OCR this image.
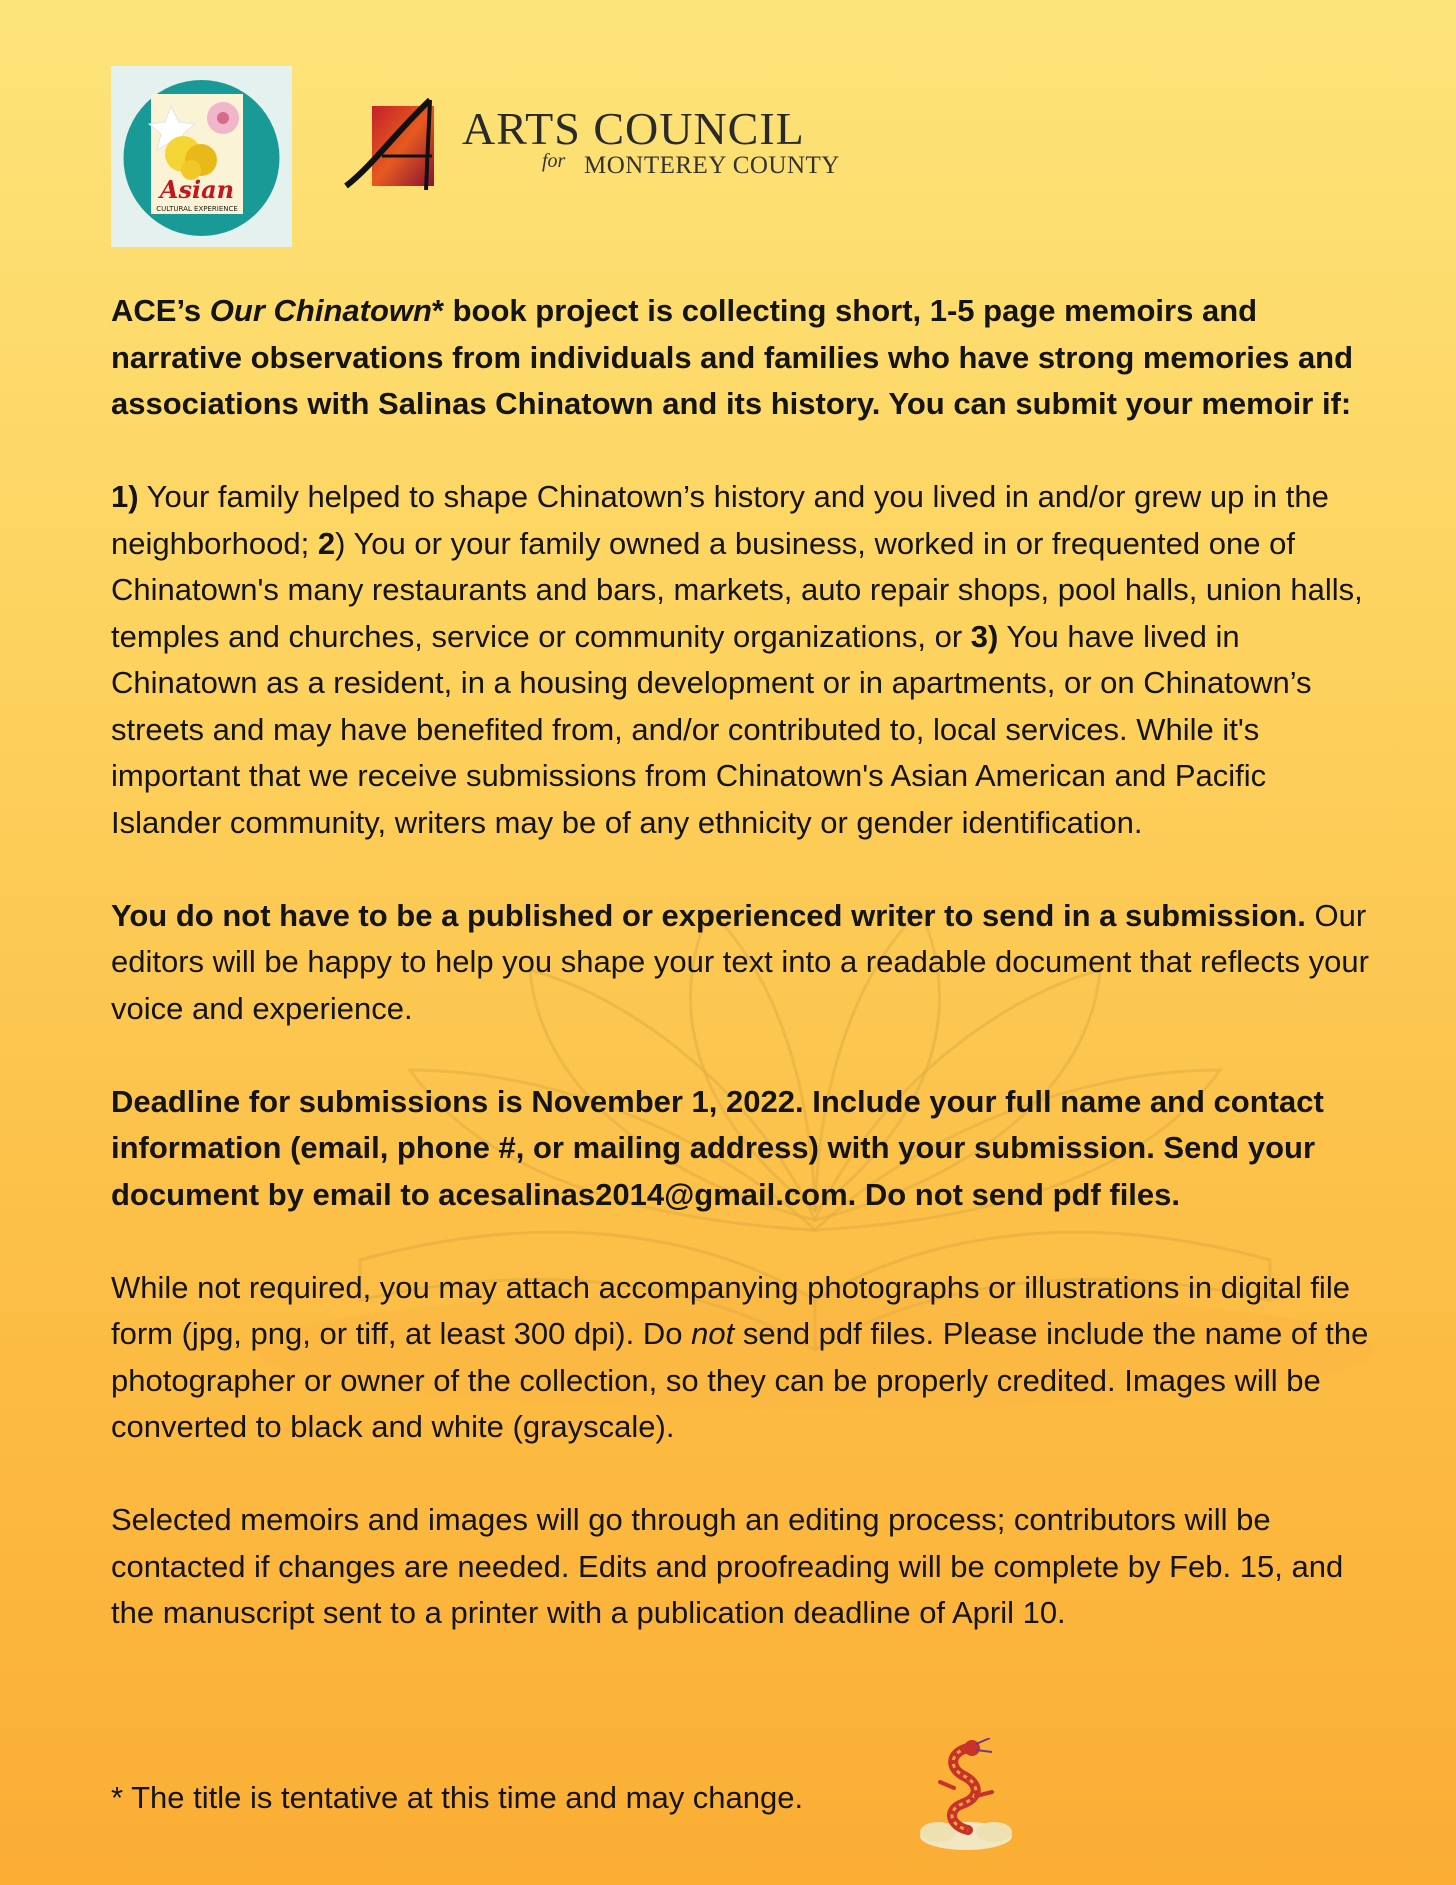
Asian
CULTURAL EXPERIENCE
ARTS COUNCIL
for MONTEREY COUNTY

ACE’s Our Chinatown* book project is collecting short, 1-5 page memoirs and narrative observations from individuals and families who have strong memories and associations with Salinas Chinatown and its history. You can submit your memoir if:

1) Your family helped to shape Chinatown’s history and you lived in and/or grew up in the neighborhood; 2) You or your family owned a business, worked in or frequented one of Chinatown's many restaurants and bars, markets, auto repair shops, pool halls, union halls, temples and churches, service or community organizations, or 3) You have lived in Chinatown as a resident, in a housing development or in apartments, or on Chinatown’s streets and may have benefited from, and/or contributed to, local services. While it's important that we receive submissions from Chinatown's Asian American and Pacific Islander community, writers may be of any ethnicity or gender identification.

You do not have to be a published or experienced writer to send in a submission. Our editors will be happy to help you shape your text into a readable document that reflects your voice and experience.

Deadline for submissions is November 1, 2022. Include your full name and contact information (email, phone #, or mailing address) with your submission. Send your document by email to acesalinas2014@gmail.com. Do not send pdf files.

While not required, you may attach accompanying photographs or illustrations in digital file form (jpg, png, or tiff, at least 300 dpi). Do not send pdf files. Please include the name of the photographer or owner of the collection, so they can be properly credited. Images will be converted to black and white (grayscale).

Selected memoirs and images will go through an editing process; contributors will be contacted if changes are needed. Edits and proofreading will be complete by Feb. 15, and the manuscript sent to a printer with a publication deadline of April 10.

* The title is tentative at this time and may change.
